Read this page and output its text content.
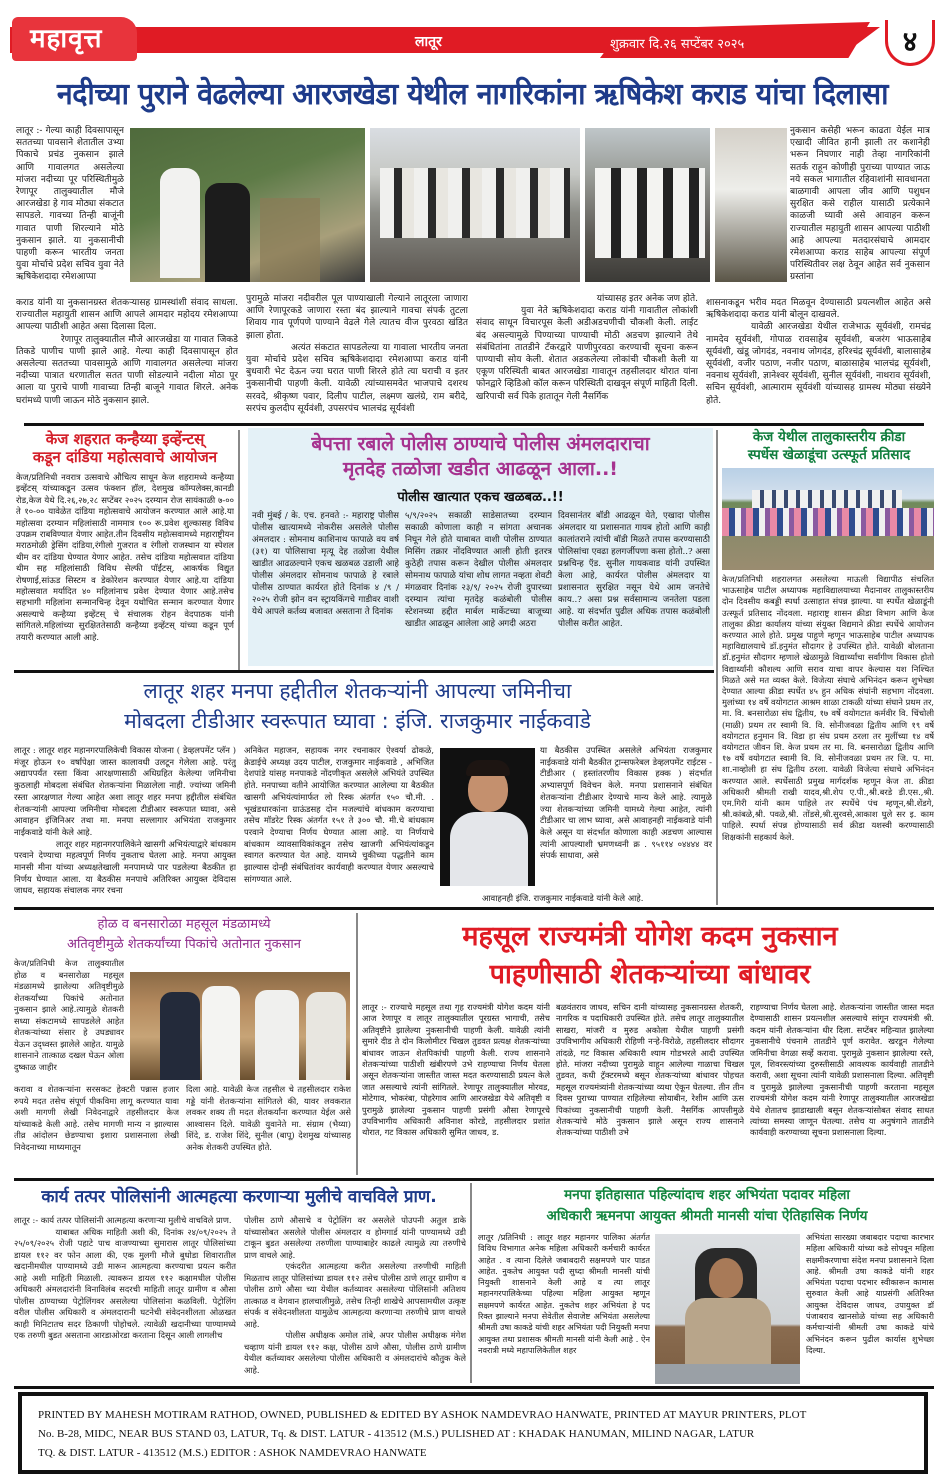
महावृत्त	लातूर	शुक्रवार दि.२६ सप्टेंबर २०२५	४
नदीच्या पुराने वेढलेल्या आरजखेडा येथील नागरिकांना ऋषिकेश कराड यांचा दिलासा

लातूर :- गेल्या काही दिवसापासून सततच्या पावसाने शेतातील उभ्या पिकाचे प्रचंड नुकसान झाले आणि गावालगत असलेल्या मांजरा नदीच्या पूर परिस्थितीमुळे रेणापूर तालुक्यातील मौजे आरजखेडा हे गाव मोठ्या संकटात सापडले. गावच्या तिन्ही बाजूंनी गावात पाणी शिरल्याने मोठे नुकसान झाले. या नुकसानीची पाहणी करून भारतीय जनता युवा मोर्चाचे प्रदेश सचिव युवा नेते ऋषिकेशदादा रमेशआप्पा

नुकसान कसेही भरून काढता येईल मात्र एखादी जीवित हानी झाली तर कशानेही भरून निघणार नाही तेव्हा नागरिकांनी सतर्क राहून कोणीही पुराच्या पाण्यात जाऊ नये सकल भागातील रहिवाशांनी सावधानता बाळगावी आपला जीव आणि पशुधन सुरक्षित कसे राहील यासाठी प्रत्येकाने काळजी घ्यावी असे आवाहन करून राज्यातील महायुती शासन आपल्या पाठीशी आहे आपल्या मतदारसंघाचे आमदार रमेशआप्पा कराड साहेब आपल्या संपूर्ण परिस्थितीवर लक्ष ठेवून आहेत सर्व नुकसान ग्रस्तांना

कराड यांनी या नुकसानग्रस्त शेतकऱ्यासह ग्रामस्थांशी संवाद साधला. राज्यातील महायुती शासन आणि आपले आमदार महोदय रमेशआप्पा आपल्या पाठीशी आहेत असा दिलासा दिला.

रेणापूर तालुक्यातील मौजे आरजखेडा या गावात जिकडे तिकडे पाणीच पाणी झाले आहे. गेल्या काही दिवसापासून होत असलेल्या सततच्या पावसामुळे आणि गावालगत असलेल्या मांजरा नदीच्या पात्रात धरणातील सतत पाणी सोडल्याने नदीला मोठा पूर आला या पुराचे पाणी गावाच्या तिन्ही बाजूने गावात शिरले. अनेक घरांमध्ये पाणी जाऊन मोठे नुकसान झाले.

पुरामुळे मांजरा नदीवरील पूल पाण्याखाली गेल्याने लातूरला जाणारा आणि रेणापूरकडे जाणारा रस्ता बंद झाल्याने गावचा संपर्क तुटला शिवाय गाव पूर्णपणे पाण्याने वेढले गेले त्यातच वीज पुरवठा खंडित झाला होता.

अत्यंत संकटात सापडलेल्या या गावाला भारतीय जनता युवा मोर्चाचे प्रदेश सचिव ऋषिकेशदादा रमेशआप्पा कराड यांनी बुधवारी भेट देऊन ज्या घरात पाणी शिरले होते त्या घराची व इतर नुकसानीची पाहणी केली. यावेळी त्यांच्यासमवेत भाजपाचे दशरथ सरवदे, श्रीकृष्ण पवार, दिलीप पाटील, लक्ष्मण खलंग्रे, राम बरीदे, सरपंच कुलदीप सूर्यवंशी, उपसरपंच भालचंद्र सूर्यवंशी

यांच्यासह इतर अनेक जण होते.

युवा नेते ऋषिकेशदादा कराड यांनी गावातील लोकांशी संवाद साधून विचारपूस केली अडीअडचणीची चौकशी केली. लाईट बंद असल्यामुळे पिण्याच्या पाण्याची मोठी अडचण झाल्याने तेथे संबंधितांना तातडीने टँकरद्वारे पाणीपुरवठा करण्याची सूचना करून पाण्याची सोय केली. शेतात अडकलेल्या लोकांची चौकशी केली या एकूण परिस्थिती बाबत आरजखेडा गावातून तहसीलदार थोरात यांना फोनद्वारे व्हिडिओ कॉल करून परिस्थिती दाखवून संपूर्ण माहिती दिली. खरिपाची सर्व पिके हातातून गेली नैसर्गिक

शासनाकडून भरीव मदत मिळवून देण्यासाठी प्रयत्नशील आहेत असे ऋषिकेशदादा कराड यांनी बोलून दाखवले.

यावेळी आरजखेडा येथील राजेभाऊ सूर्यवंशी, रामचंद्र नामदेव सूर्यवंशी, गोपाळ रावसाहेब सूर्यवंशी, बजरंग भाऊसाहेब सूर्यवंशी, खंडू जोगदंड, नवनाथ जोगदंड, हरिश्चंद्र सूर्यवंशी, बालासाहेब सूर्यवंशी, वजीर पठाण, नजीर पठाण, बाळासाहेब भालचंद्र सूर्यवंशी, नवनाथ सूर्यवंशी, ज्ञानेश्वर सूर्यवंशी, सुनील सूर्यवंशी, नाथराव सूर्यवंशी, सचिन सूर्यवंशी, आत्माराम सूर्यवंशी यांच्यासह ग्रामस्थ मोठ्या संख्येने होते.

केज शहरात कन्हैय्या इव्हेंन्टस्
कडून दांडिया महोत्सवाचे आयोजन

केज/प्रतिनिधी नवरात्र उत्सवाचे औचित्य साधून केज शहरामध्ये कन्हैय्या इव्हेंटस् यांच्याकडून उत्सव फंक्शन हॉल, देशमुख कॉम्पलेक्स,कानडी रोड,केज येथे दि.२६,२७,२८ सप्टेंबर २०२५ दरम्यान रोज सायंकाळी ७-०० ते १०-०० यावेळेत दांडिया महोत्सवाचे आयोजन करण्यात आले आहे.या महोत्सवा दरम्यान महिलांसाठी नाममात्र १०० रू.प्रवेश शुल्कासह विविध उपक्रम राबविण्यात येणार आहेत.तीन दिवसीय महोत्सवामध्ये महाराष्ट्रीयन मराठमोळी ड्रेसिंग दांडिया,रंगीलो गुजरात व रंगीलो राजस्थान या स्पेशल थीम वर दांडिया घेण्यात येणार आहेत. तसेच दांडिया महोत्सवात दांडिया थीम सह महिलांसाठी विविध सेल्फी पॉईंटस्, आकर्षक विद्युत रोषणाई,सांऊड सिस्टम व डेकोरेशन करण्यात येणार आहे.या दांडिया महोत्सवात मर्यादित ४० महिलांनाच प्रवेश देण्यात येणार आहे.तसेच सहभागी महिलांना सन्मानचिन्ह देवून यथोचित सन्मान करण्यात येणार असल्याचे कन्हैय्या इव्हेंटस् चे संचालक रोहन वेदपाठक यांनी सांगितले.महिलांच्या सुरक्षिततेसाठी कन्हैय्या इव्हेंटस् यांच्या कडून पूर्ण तयारी करण्यात आली आहे.

बेपत्ता रबाले पोलीस ठाण्याचे पोलीस अंमलदाराचा
मृतदेह तळोजा खडीत आढळून आला..!
पोलीस खात्यात एकच खळबळ..!!

नवी मुंबई / के. एच. हनवते :- महाराष्ट्र पोलीस पोलीस खात्यामध्ये नोकरीस असलेले पोलीस अंमलदार : सोमनाथ काशिनाथ फापाळे वय वर्ष (३१) या पोलिसाचा मृत्यू देह तळोजा येथील खाडीत आढळल्याने एकच खळबळ उडाली आहे पोलीस अंमलदार सोमनाथ फापाळे हे रबाले पोलीस ठाण्यात कार्यरत होते दिनांक ४ /९ / २०२५ रोजी झोन वन स्ट्रायकिंगचे गाडीवर वाशी येथे आपले कर्तव्य बजावत असताना ते दिनांक

५/९/२०२५ सकाळी साडेसातच्या दरम्यान सकाळी कोणाला काही न सांगता अचानक निघून गेले होते याबाबत वाशी पोलीस ठाण्यात मिसिंग तक्रार नोंदविण्यात आली होती इतरत्र कुठेही तपास करून देखील पोलीस अंमलदार सोमनाथ फापाळे यांचा शोध लागत नव्हता शेवटी मंगळवार दिनांक २३/९/ २०२५ रोजी दुपारच्या दरम्यान त्यांचा मृतदेह कळंबोली पोलीस स्टेशनच्या हद्दीत मार्बल मार्केटच्या बाजूच्या खाडीत आढळून आलेला आहे अगदी अठरा

दिवसानंतर बॉडी आढळून येते, एखादा पोलीस अंमलदार या प्रशासनात गायब होतो आणि काही कालांतराने त्यांची बॉडी मिळते तपास करण्यासाठी पोलिसांचा एवढा हलगर्जीपणा कसा होतो..? असा प्रश्नचिन्ह ऍड. सुनील गायकवाड यांनी उपस्थित केला आहे, कार्यरत पोलीस अंमलदार या प्रशासनात सुरक्षित नसून येथे आम जनतेचे काय..? असा प्रश्न सर्वसामान्य जनतेला पडला आहे. या संदर्भात पुढील अधिक तपास कळंबोली पोलीस करीत आहेत.

केज येथील तालुकास्तरीय क्रीडा
स्पर्धेस खेळाडूंचा उत्स्फूर्त प्रतिसाद

केज/प्रतिनिधी शहरालगत असलेल्या माऊली विद्यापीठ संचलित भाऊसाहेब पाटील अध्यापक महाविद्यालयाच्या मैदानावर तालुकास्तरीय दोन दिवसीय कबड्डी स्पर्धा उत्साहात संपन्न झाल्या. या स्पर्धेत खेळाडूंनी उत्स्फूर्त प्रतिसाद नोंदवला. महाराष्ट्र शासन क्रीडा विभाग आणि केज तालुका क्रीडा कार्यालय यांच्या संयुक्त विद्यमाने क्रीडा स्पर्धेचे आयोजन करण्यात आले होते. प्रमुख पाहुणे म्हणून भाऊसाहेब पाटील अध्यापक महाविद्यालयाचे डॉ.हनुमंत सौदागर हे उपस्थित होते. यावेळी बोलताना डॉ.हनुमंत सौदागर म्हणाले खेळामुळे विद्यार्थ्यांचा सर्वांगीण विकास होतो विद्यार्थ्यांनी कौशल्य आणि सराव याचा वापर केल्यास यश निश्चित मिळते असे मत व्यक्त केले. विजेत्या संघाचे अभिनंदन करून शुभेच्छा देण्यात आल्या क्रीडा स्पर्धेत ४५ हुन अधिक संघांनी सहभाग नोंदवला. मुलांच्या १४ वर्षे वयोगटात आश्रम शाळा टाकळी यांच्या संघाने प्रथम तर, मा. वि. बनसारोळा संघ द्वितीय, १७ वर्षे वयोगटात कर्मवीर वि. चिंचोली (माळी) प्रथम तर स्वामी वि. वि. सोनीजवळा द्वितीय आणि १९ वर्षे वयोगटात हनुमान वि. विडा हा संघ प्रथम ठरला तर मुलींच्या १४ वर्षे वयोगटात जीवन शि. केज प्रथम तर मा. वि. बनसारोळा द्वितीय आणि १७ वर्षे वयोगटात स्वामी वि. वि. सोनीजवळा प्रथम तर जि. प. मा. शा.नाव्होली हा संघ द्वितीय ठरला. यावेळी विजेत्या संघाचे अभिनंदन करण्यात आले. स्पर्धेसाठी प्रमुख मार्गदर्शक म्हणून केज ता. क्रीडा अधिकारी श्रीमती राखी यादव,श्री.शेप ए.पी.,श्री.बरडे डी.एस.,श्री. एम.गिरी यांनी काम पाहिले तर स्पर्धेचे पंच म्हणून,श्री.शेंडगे, श्री.कांबळे,श्री. पवळे,श्री. तोंडसे,श्री.सुरवसे,आकाश घुले सर इ. काम पाहिले. स्पर्धा संपन्न होण्यासाठी सर्व क्रीडा यशस्वी करण्यासाठी शिक्षकांनी सहकार्य केले.

लातूर शहर मनपा हद्दीतील शेतकऱ्यांनी आपल्या जमिनीचा
मोबदला टीडीआर स्वरूपात घ्यावा : इंजि. राजकुमार नाईकवाडे

लातूर : लातूर शहर महानगरपालिकेची विकास योजना ( डेव्हलपमेंट प्लॅन ) मंजूर होऊन १० वर्षांपेक्षा जास्त कालावधी उलटून गेलेला आहे. परंतु अद्यापपर्यंत रस्ता किंवा आरक्षणासाठी अधिग्रहित केलेल्या जमिनीचा कुठलाही मोबदला संबंधित शेतकऱ्यांना मिळालेला नाही. ज्यांच्या जमिनी रस्ता आरक्षणात गेल्या आहेत अशा लातूर शहर मनपा हद्दीतील संबंधित शेतकऱ्यांनी आपल्या जमिनीचा मोबदला टीडीआर स्वरूपात घ्यावा, असे आवाहन इंजिनिअर तथा मा. मनपा सल्लागार अभियंता राजकुमार नाईकवाडे यांनी केले आहे.

लातूर शहर महानगरपालिकेने खासगी अभियंत्याद्वारे बांधकाम परवाने देण्याचा महत्वपूर्ण निर्णय नुकताच घेतला आहे. मनपा आयुक्त मानसी मीना यांच्या अध्यक्षतेखाली मनपामध्ये पार पडलेल्या बैठकीत हा निर्णय घेण्यात आला. या बैठकीस मनपाचे अतिरिक्त आयुक्त देविदास जाधव, सहायक संचालक नगर रचना

अनिकेत महाजन, सहायक नगर रचनाकार ऐश्वर्या ढोकळे, क्रेडाईचे अध्यक्ष उदय पाटील, राजकुमार नाईकवाडे , अभिजित देशपांडे यांसह मनपाकडे नोंदणीकृत असलेले अभियंते उपस्थित होते. मनपाच्या वतीने आयोजित करण्यात आलेल्या या बैठकीत खासगी अभियंत्यांमार्फत लो रिस्क अंतर्गत १५० चौ.मी. . भूखंडधारकांना ग्राऊंडसह दोन मजल्यांचे बांधकाम करण्याचा तसेच मॉडरेट रिस्क अंतर्गत १५१ ते ३०० चौ. मी.चे बांधकाम परवाने देण्याचा निर्णय घेण्यात आला आहे. या निर्णयाचे बांधकाम व्यावसायिकांकडून तसेच खाजगी अभियंत्यांकडून स्वागत करण्यात येत आहे. यामध्ये चुकीच्या पद्धतीने काम झाल्यास दोन्ही संबंधितांवर कार्यवाही करण्यात येणार असल्याचे सांगण्यात आले.

या बैठकीस उपस्थित असलेले अभियंता राजकुमार नाईकवाडे यांनी बैठकीत ट्रान्सफरेबल डेव्हलपमेंट राईटस - टीडीआर ( हस्तांतरणीय विकास हक्क ) संदर्भात अभ्यासपूर्ण विवेचन केले. मनपा प्रशासनाने संबंधित शेतकऱ्यांना टीडीआर देण्याचे मान्य केले आहे. त्यामुळे ज्या शेतकऱ्यांच्या जमिनी यामध्ये गेल्या आहेत, त्यांनी टीडीआर चा लाभ घ्यावा, असे आवाहनही नाईकवाडे यांनी केले असून या संदर्भात कोणाला काही अडचण आल्यास त्यांनी आपल्याशी भ्रमणध्वनी क्र . ९५११४ ०४४४४ वर संपर्क साधावा, असे

आवाहनही इंजि. राजकुमार नाईकवाडे यांनी केले आहे.
होळ व बनसारोळा महसूल मंडळामध्ये
अतिवृष्टीमुळे शेतकर्यांच्या पिकांचे अतोनात नुकसान

केज/प्रतिनिधी केज तालुक्यातील होळ व बनसारोळा महसूल मंडळामध्ये झालेल्या अतिवृष्टीमुळे शेतकर्यांच्या पिकांचे अतोनात नुकसान झाले आहे.त्यामुळे शेतकरी सध्या संकटामध्ये सापडलेले आहेत शेतकऱ्यांच्या संसार हे उघड्यावर येऊन उद्ध्वस्त झालेले आहेत. यामुळे शासनाने तात्काळ दखल घेऊन ओला दुष्काळ जाहीर

करावा व शेतकऱ्यांना सरसकट हेक्टरी पन्नास हजार रुपये मदत तसेच संपूर्ण पीकविमा लागू करण्यात यावा अशी मागणी लेखी निवेदनाद्वारे तहसीलदार केज यांच्याकडे केली आहे. तसेच मागणी मान्य न झाल्यास तीव्र आंदोलन छेडण्याचा इशारा प्रशासनाला लेखी निवेदनाच्या माध्यमातून

दिला आहे. यावेळी केज तहसील चे तहसीलदार राकेश गड्डे यांनी शेतकऱ्यांना सांगितले की, यावर लवकरात लवकर शक्य ती मदत शेतकर्यांना करण्यात येईल असे आश्वासन दिले. यावेळी युवानेते मा. संग्राम (भैय्या) शिंदे, ड. राजेश शिंदे, सुनील (बापू) देशमुख यांच्यासह अनेक शेतकरी उपस्थित होते.

महसूल राज्यमंत्री योगेश कदम नुकसान
पाहणीसाठी शेतकऱ्यांच्या बांधावर

लातूर :- राज्याचे महसूल तथा गृह राज्यमंत्री योगेश कदम यांनी आज रेणापूर व लातूर तालुक्यातील पूरग्रस्त भागाची, तसेच अतिवृष्टीने झालेल्या नुकसानीची पाहणी केली. यावेळी त्यांनी सुमारे दीड ते दोन किलोमीटर चिखल तुडवत प्रत्यक्ष शेतकऱ्यांच्या बांधावर जाऊन शेतपिकांची पाहणी केली. राज्य शासनाने शेतकऱ्यांच्या पाठीशी खंबीरपणे उभे राहण्याचा निर्णय घेतला असून शेतकऱ्यांना जास्तीत जास्त मदत करण्यासाठी प्रयत्न केले जात असल्याचे त्यांनी सांगितले. रेणापूर तालुक्यातील मोरवड, मोटेगाव, भोकरंबा, पोहरेगाव आणि आरजखेडा येथे अतिवृष्टी व पुरामुळे झालेल्या नुकसान पाहणी प्रसंगी औसा रेणापूरचे उपविभागीय अधिकारी अविनाश कोरडे, तहसीलदार प्रशांत थोरात, गट विकास अधिकारी सुमित जाधव, ड.

बळवंतराव जाधव, सचिन दानी यांच्यासह नुकसानग्रस्त शेतकरी, नागरिक व पदाधिकारी उपस्थित होते. तसेच लातूर तालुक्यातील साखरा, मांजरी व मुरुड अकोला येथील पाहणी प्रसंगी उपविभागीय अधिकारी रोहिणी नऱ्हे-विरोळे, तहसीलदार सौदागर तांदळे, गट विकास अधिकारी श्याम गोडभरले आदी उपस्थित होते. मांजरा नदीच्या पुरामुळे वाहून आलेल्या गाळाचा चिखल तुडवत, कधी ट्रॅक्टरमध्ये बसून शेतकऱ्यांच्या बांधावर पोहचत महसूल राज्यमंत्र्यांनी शेतकऱ्यांच्या व्यथा ऐकून घेतल्या. तीन तीन दिवस पुराच्या पाण्यात राहिलेल्या सोयाबीन, रेशीम आणि ऊस पिकांच्या नुकसानीची पाहणी केली. नैसर्गिक आपत्तीमुळे शेतकऱ्यांचे मोठे नुकसान झाले असून राज्य शासनाने शेतकऱ्यांच्या पाठीशी उभे

राहण्याचा निर्णय घेतला आहे. शेतकऱ्यांना जास्तीत जास्त मदत देण्यासाठी शासन प्रयत्नशील असल्याचे सांगून राज्यमंत्री श्री. कदम यांनी शेतकऱ्यांना धीर दिला. सप्टेंबर महिन्यात झालेल्या नुकसानीचे पंचनामे तातडीने पूर्ण करावेत. खरडून गेलेल्या जमिनीचा वेगळा सर्व्हे करावा. पुरामुळे नुकसान झालेल्या रस्ते, पूल, शिवरस्त्यांच्या दुरुस्तीसाठी आवश्यक कार्यवाही तातडीने करावी, अशा सूचना त्यांनी यावेळी प्रशासनाला दिल्या. अतिवृष्टी व पुरामुळे झालेल्या नुकसानीची पाहणी करताना महसूल राज्यमंत्री योगेश कदम यांनी रेणापूर तालुक्यातील आरजखेडा येथे शेतातच झाडाखाली बसून शेतकऱ्यांसोबत संवाद साधत त्यांच्या समस्या जाणून घेतल्या. तसेच या अनुषंगाने तातडीने कार्यवाही करण्याच्या सूचना प्रशासनाला दिल्या.

कार्य तत्पर पोलिसांनी आत्महत्या करणाऱ्या मुलीचे वाचविले प्राण.

लातूर :- कार्य तत्पर पोलिसांनी आत्महत्या करणाऱ्या मुलीचे वाचविले प्राण.

याबाबत अधिक माहिती अशी की, दिनांक २४/०९/२०२५ ते २५/०९/२०२५ रोजी पहाटे पाच वाजण्याच्या सुमारास लातूर पोलिसांच्या डायल ११२ वर फोन आला की, एक मुलगी मौजे बुधोडा शिवारातील खदानीमधील पाण्यामध्ये उडी मारून आत्महत्या करण्याचा प्रयत्न करीत आहे अशी माहिती मिळाली. त्यावरून डायल ११२ कक्षामधील पोलीस अधिकारी अंमलदारांनी विनाविलंब सदरची माहिती लातूर ग्रामीण व औसा पोलीस ठाण्याच्या पेट्रोलिंगवर असलेल्या पोलिसांना कळविली. पेट्रोलिंग वरील पोलीस अधिकारी व अंमलदारानी घटनेची संवेदनशीलता ओळखत काही मिनिटातच सदर ठिकाणी पोहोचले. त्यावेळी खदानीच्या पाण्यामध्ये एक तरुणी बुडत असताना आरडाओरडा करताना दिसून आली लागलीच

पोलीस ठाणे औसाचे व पेट्रोलिंग वर असलेले पोउपनी अतुल डाके यांच्यासोबत असलेले पोलीस अंमलदार व होमगार्ड यांनी पाण्यामध्ये उडी टाकून बुडत असलेल्या तरुणीला पाण्याबाहेर काढले त्यामुळे त्या तरुणीचे प्राण वाचले आहे.

एकंदरीत आत्महत्या करीत असलेल्या तरुणीची माहिती मिळताच लातूर पोलिसांच्या डायल ११२ तसेच पोलीस ठाणे लातूर ग्रामीण व पोलीस ठाणे औसा च्या येथील कर्तव्यावर असलेल्या पोलिसांनी अतिशय तात्काळ व वेगवान हालचालीमुळे, तसेच तिन्ही शाखेचे आपसामधील उत्कृष्ट संपर्क व संवेदनशीलता यामुळेच आत्महत्या करणाऱ्या तरुणीचे प्राण वाचले आहे.

पोलीस अधीक्षक अमोल तांबे, अपर पोलीस अधीक्षक मंगेश चव्हाण यांनी डायल ११२ कक्ष, पोलीस ठाणे औसा, पोलीस ठाणे ग्रामीण येथील कर्तव्यावर असलेल्या पोलीस अधिकारी व अंमलदारांचे कौतुक केले आहे.

मनपा इतिहासात पहिल्यांदाच शहर अभियंता पदावर महिला
अधिकारी ऋमनपा आयुक्त श्रीमती मानसी यांचा ऐतिहासिक निर्णय

लातूर /प्रतिनिधी : लातूर शहर महानगर पालिका अंतर्गत विविध विभागात अनेक महिला अधिकारी कर्मचारी कार्यरत आहेत . व त्याना दिलेले जबाबदारी सक्षमपणे पार पाडत आहेत. नुकतेच आयुक्त पदी सुध्दा श्रीमती मानसी यांची नियुक्ती शासनाने केली आहे व त्या लातूर महानगरपालिकेच्या पहिल्या महिला आयुक्त म्हणून सक्षमपणे कार्यरत आहेत. नुकतेच शहर अभियंता हे पद रिक्त झाल्याने मनपा सेवेतील सेवाजेष्ट अभियंता असलेल्या श्रीमती उषा काकडे यांची शहर अभियंता पदी नियुक्ती मनपा आयुक्त तथा प्रशासक श्रीमती मानसी यांनी केली आहे . ऐन नवरात्री मध्ये महापालिकेतील शहर

अभियंता सारख्या जबाबदार पदाचा कारभार महिला अधिकारी यांच्या कडे सोपवून महिला सक्षमीकरणाचा संदेश मनपा प्रशासनाने दिला आहे. श्रीमती उषा काकडे यांनी शहर अभियंता पदाचा पदभार स्वीकारून कामास सुरुवात केली आहे याप्रसंगी अतिरिक्त आयुक्त देविदास जाधव, उपायुक्त डॉ पंजाबराव खानसोळे यांच्या सह अधिकारी कर्मचाऱ्यांनी श्रीमती उषा काकडे यांचे अभिनंदन करून पुढील कार्यास शुभेच्छा दिल्या.

PRINTED BY MAHESH MOTIRAM RATHOD, OWNED, PUBLISHED & EDITED BY ASHOK NAMDEVRAO HANWATE, PRINTED AT MAYUR PRINTERS, PLOT
No. B-28, MIDC, NEAR BUS STAND 03, LATUR, Tq. & DIST. LATUR - 413512 (M.S.) PULISHED AT : KHADAK HANUMAN, MILIND NAGAR, LATUR
TQ. & DIST. LATUR - 413512 (M.S.) EDITOR : ASHOK NAMDEVRAO HANWATE
